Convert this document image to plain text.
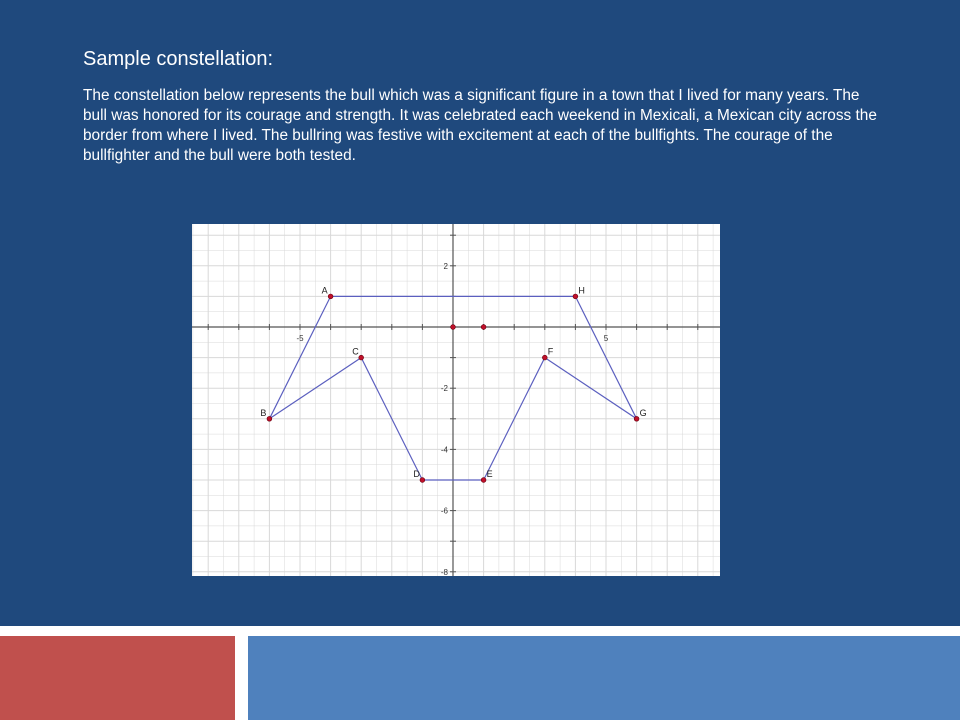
Sample constellation:
The constellation below represents the bull which was a significant figure in a town that I lived for many years. The bull was honored for its courage and strength. It was celebrated each weekend in Mexicali, a Mexican city across the border from where I lived. The bullring was festive with excitement at each of the bullfights. The courage of the bullfighter and the bull were both tested.
-5	5
2
-2
-4
-6
-8
A	H
C	F
B	G
D	E
